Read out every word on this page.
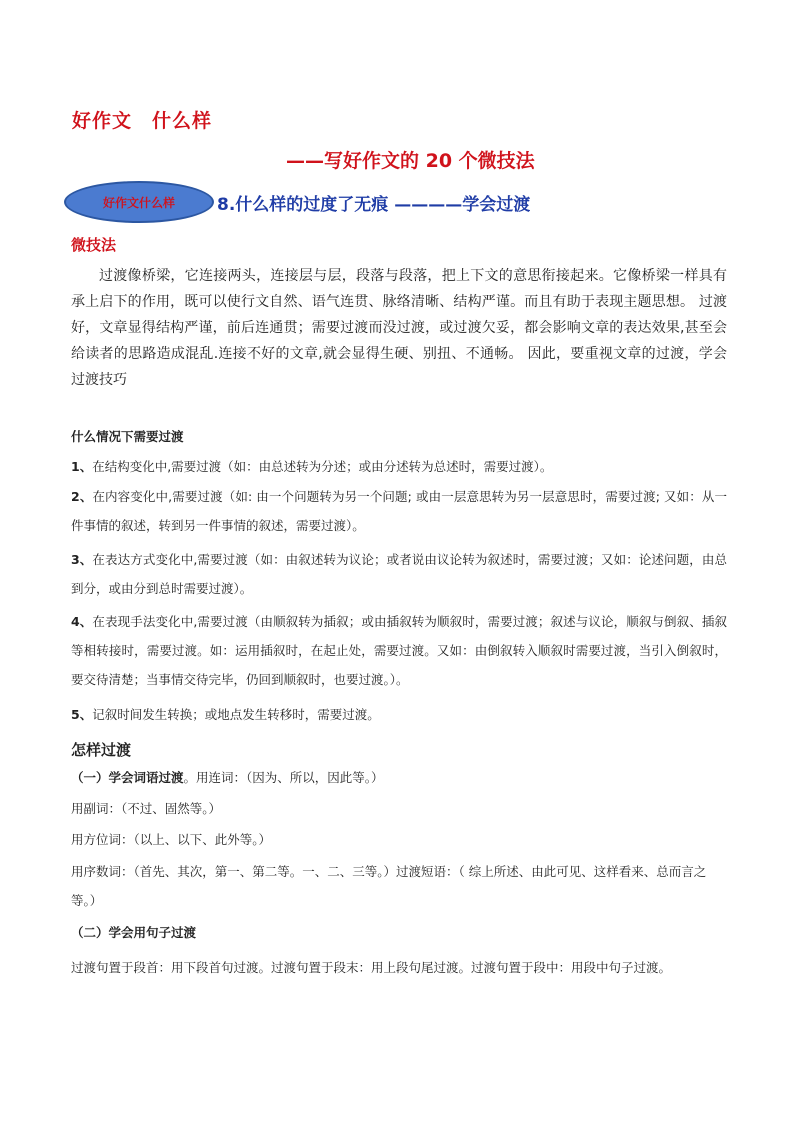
好作文　什么样
——写好作文的 20 个微技法
好作文什么样 8.什么样的过度了无痕 ————学会过渡
微技法

过渡像桥梁，它连接两头，连接层与层，段落与段落，把上下文的意思衔接起来。它像桥梁一样具有承上启下的作用，既可以使行文自然、语气连贯、脉络清晰、结构严谨。而且有助于表现主题思想。 过渡好，文章显得结构严谨，前后连通贯；需要过渡而没过渡，或过渡欠妥，都会影响文章的表达效果,甚至会给读者的思路造成混乱.连接不好的文章,就会显得生硬、别扭、不通畅。 因此，要重视文章的过渡，学会过渡技巧

什么情况下需要过渡

1、在结构变化中,需要过渡（如：由总述转为分述；或由分述转为总述时，需要过渡）。

2、在内容变化中,需要过渡（如: 由一个问题转为另一个问题; 或由一层意思转为另一层意思时，需要过渡; 又如：从一件事情的叙述，转到另一件事情的叙述，需要过渡）。

3、在表达方式变化中,需要过渡（如：由叙述转为议论；或者说由议论转为叙述时，需要过渡；又如：论述问题，由总到分，或由分到总时需要过渡）。

4、在表现手法变化中,需要过渡（由顺叙转为插叙；或由插叙转为顺叙时，需要过渡；叙述与议论，顺叙与倒叙、插叙等相转接时，需要过渡。如：运用插叙时，在起止处，需要过渡。又如：由倒叙转入顺叙时需要过渡，当引入倒叙时，要交待清楚；当事情交待完毕，仍回到顺叙时，也要过渡。）。

5、记叙时间发生转换；或地点发生转移时，需要过渡。

怎样过渡

（一）学会词语过渡。用连词：（因为、所以，因此等。）

用副词：（不过、固然等。）

用方位词：（以上、以下、此外等。）

用序数词：（首先、其次，第一、第二等。一、二、三等。）过渡短语：（ 综上所述、由此可见、这样看来、总而言之 等。）

（二）学会用句子过渡

过渡句置于段首：用下段首句过渡。过渡句置于段末：用上段句尾过渡。过渡句置于段中：用段中句子过渡。
